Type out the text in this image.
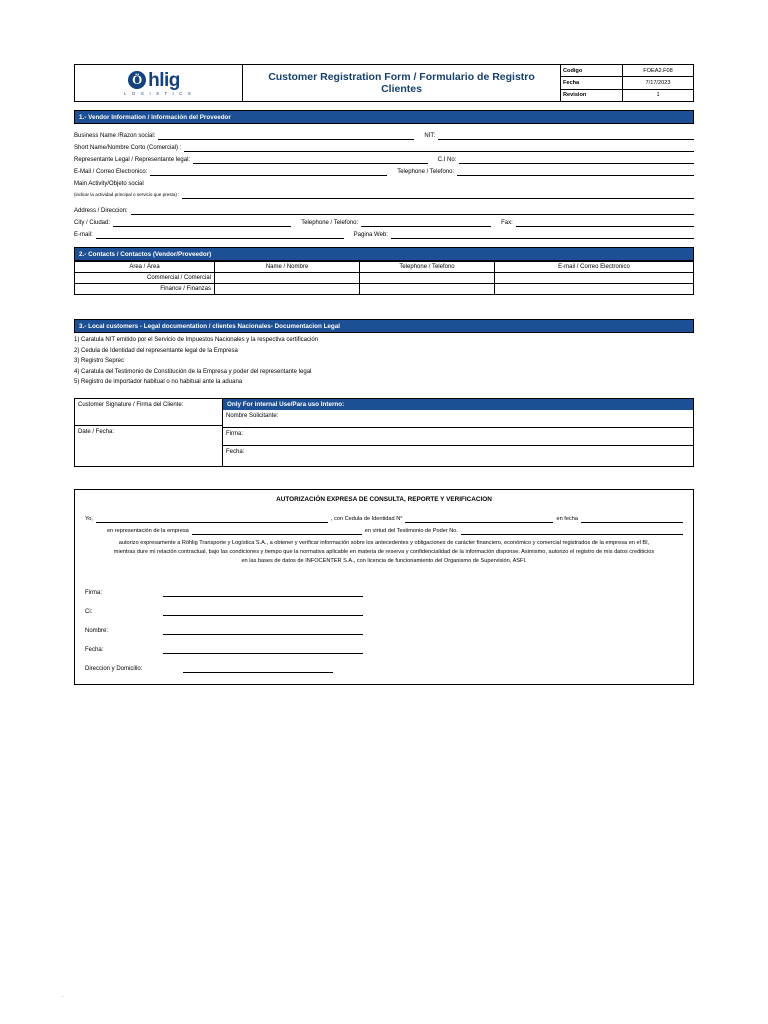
Ö hlig
L O G I S T I C S
Customer Registration Form / Formulario de Registro Clientes
Codigo	FOEA2.F08
Fecha	7/17/2023
Revision	1
1.- Vendor Information / Información del Proveedor
Business Name /Razon social:	NIT:
Short Name/Nombre Corto (Comercial) :
Representante Legal / Representante legal:	C.I No:
E-Mail / Correo Electronico:	Telephone / Telefono:
Main Activity/Objeto social
(indicar la actividad principal o servicio que presta) :
Address / Direccion:
City / Ciudad:	Telephone / Telefono:	Fax:
E-mail:	Pagina Web:
2.- Contacts / Contactos (Vendor/Proveedor)
Area / Área	Name / Nombre	Telephone / Telefono	E-mail / Correo Electronico
Commercial / Comercial			
Finance / Finanzas			
3.- Local customers - Legal documentation / clientes Nacionales- Documentacion Legal
1) Caratula NIT emitido por el Servicio de Impuestos Nacionales y la respectiva certificación
2) Cedula de Identidad del representante legal de la Empresa
3) Registro Seprec
4) Caratula del Testimonio de Constitución de la Empresa y poder del representante legal
5) Registro de importador habitual o no habitual ante la aduana
Customer Signature / Firma del Cliente:
Date / Fecha:
Only For internal Use/Para uso Interno:
Nombre Solicitante:
Firma:
Fecha:
AUTORIZACIÓN EXPRESA DE CONSULTA, REPORTE Y VERIFICACION
Yo,	, con Cedula de Identidad N°	en fecha
en representación de la empresa	en virtud del Testimonio de Poder No.
autorizo expresamente a Röhlig Transporte y Logística S.A., a obtener y verificar información sobre los antecedentes y obligaciones de carácter financiero, económico y comercial registrados de la empresa en el BI, mientras dure mi relación contractual, bajo las condiciones y tiempo que la normativa aplicable en materia de reserva y confidencialidad de la información disponse. Asimismo, autorizo el registro de mis datos crediticios en las bases de datos de INFOCENTER S.A., con licencia de funcionamiento del Organismo de Supervisión, ASFI.
Firma:
Ci:
Nombre:
Fecha:
Direccion y Domicilio:
.
